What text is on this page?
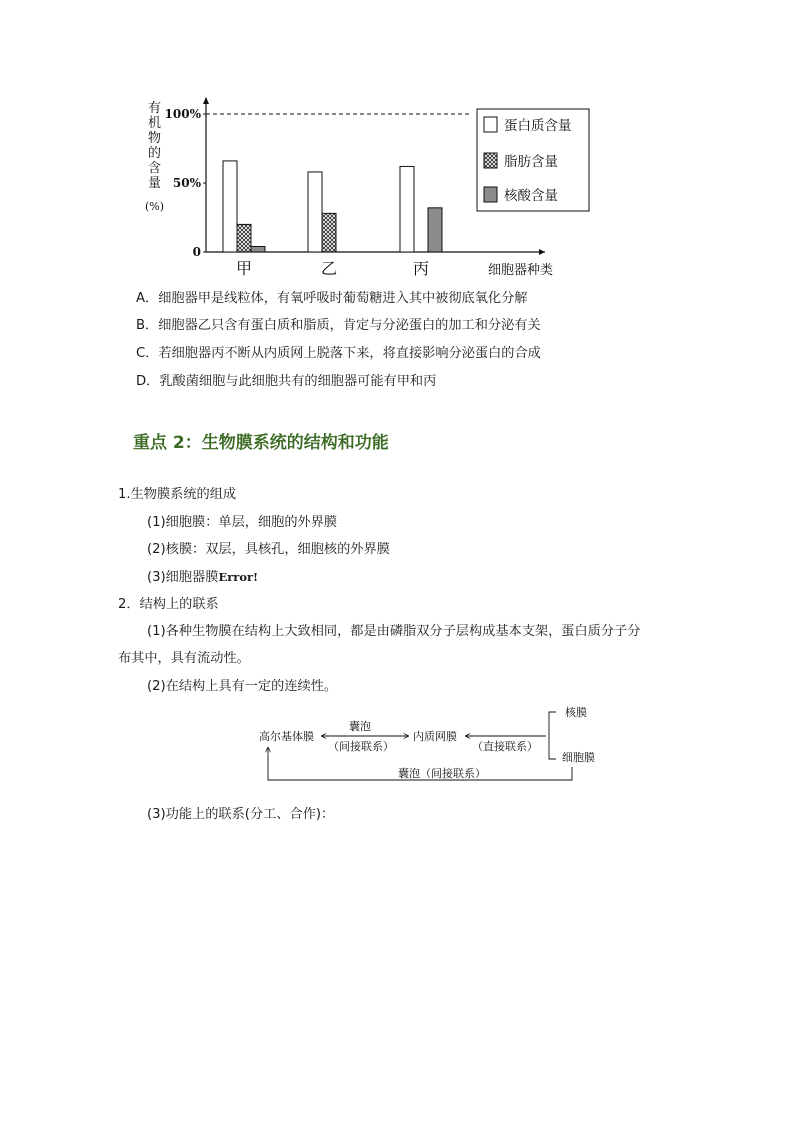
有
机
物
的
含
量
(%)
0
50%
100%
甲	乙	丙	细胞器种类
蛋白质含量
脂肪含量
核酸含量
A．细胞器甲是线粒体，有氧呼吸时葡萄糖进入其中被彻底氧化分解
B．细胞器乙只含有蛋白质和脂质，肯定与分泌蛋白的加工和分泌有关
C．若细胞器丙不断从内质网上脱落下来，将直接影响分泌蛋白的合成
D．乳酸菌细胞与此细胞共有的细胞器可能有甲和丙
重点 2：生物膜系统的结构和功能
1.生物膜系统的组成
(1)细胞膜：单层，细胞的外界膜
(2)核膜：双层，具核孔，细胞核的外界膜
(3)细胞器膜Error!
2．结构上的联系
(1)各种生物膜在结构上大致相同，都是由磷脂双分子层构成基本支架，蛋白质分子分
布其中，具有流动性。
(2)在结构上具有一定的连续性。
高尔基体膜
囊泡
（间接联系）
内质网膜
（直接联系）
核膜
细胞膜
囊泡（间接联系）
(3)功能上的联系(分工、合作)：
